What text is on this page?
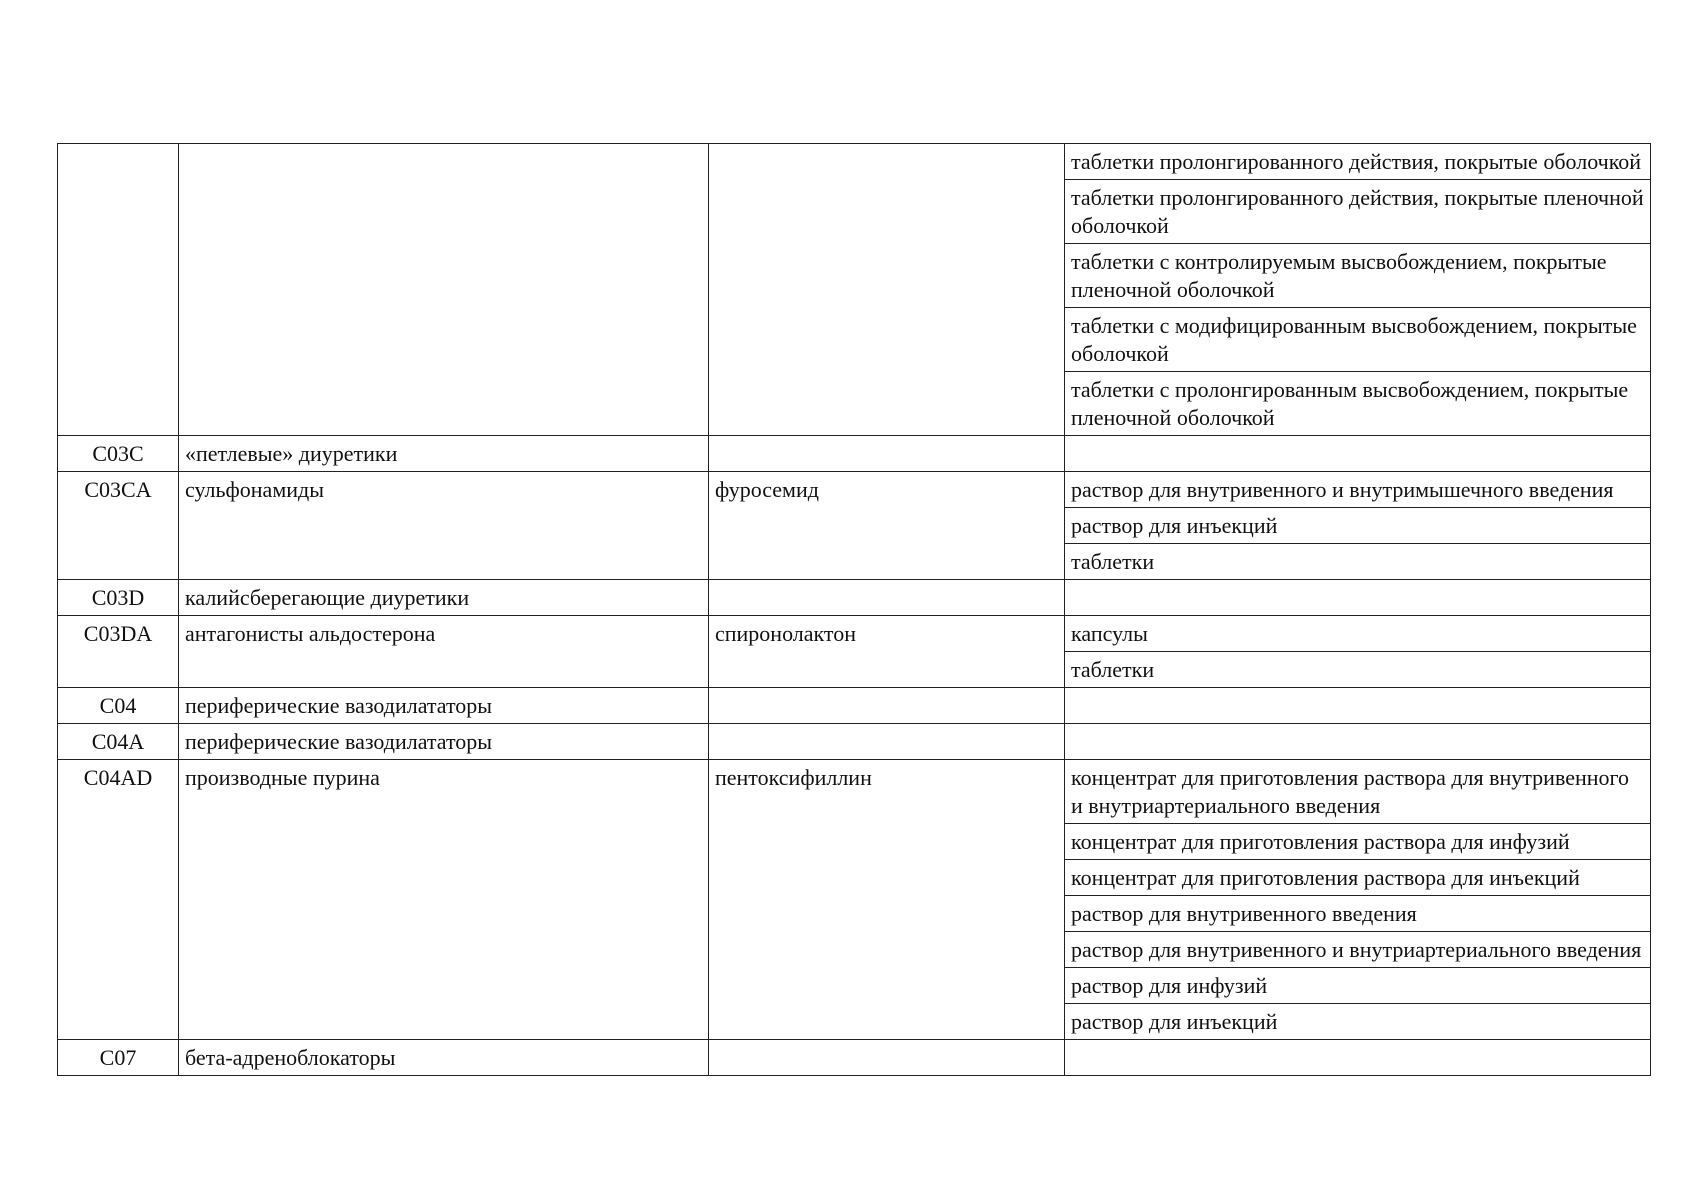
			таблетки пролонгированного действия, покрытые оболочкой
			таблетки пролонгированного действия, покрытые пленочной оболочкой
			таблетки с контролируемым высвобождением, покрытые пленочной оболочкой
			таблетки с модифицированным высвобождением, покрытые оболочкой
			таблетки с пролонгированным высвобождением, покрытые пленочной оболочкой
C03C	«петлевые» диуретики		
C03CA	сульфонамиды	фуросемид	раствор для внутривенного и внутримышечного введения
			раствор для инъекций
			таблетки
C03D	калийсберегающие диуретики		
C03DA	антагонисты альдостерона	спиронолактон	капсулы
			таблетки
C04	периферические вазодилататоры		
C04A	периферические вазодилататоры		
C04AD	производные пурина	пентоксифиллин	концентрат для приготовления раствора для внутривенного и внутриартериального введения
			концентрат для приготовления раствора для инфузий
			концентрат для приготовления раствора для инъекций
			раствор для внутривенного введения
			раствор для внутривенного и внутриартериального введения
			раствор для инфузий
			раствор для инъекций
C07	бета-адреноблокаторы		
